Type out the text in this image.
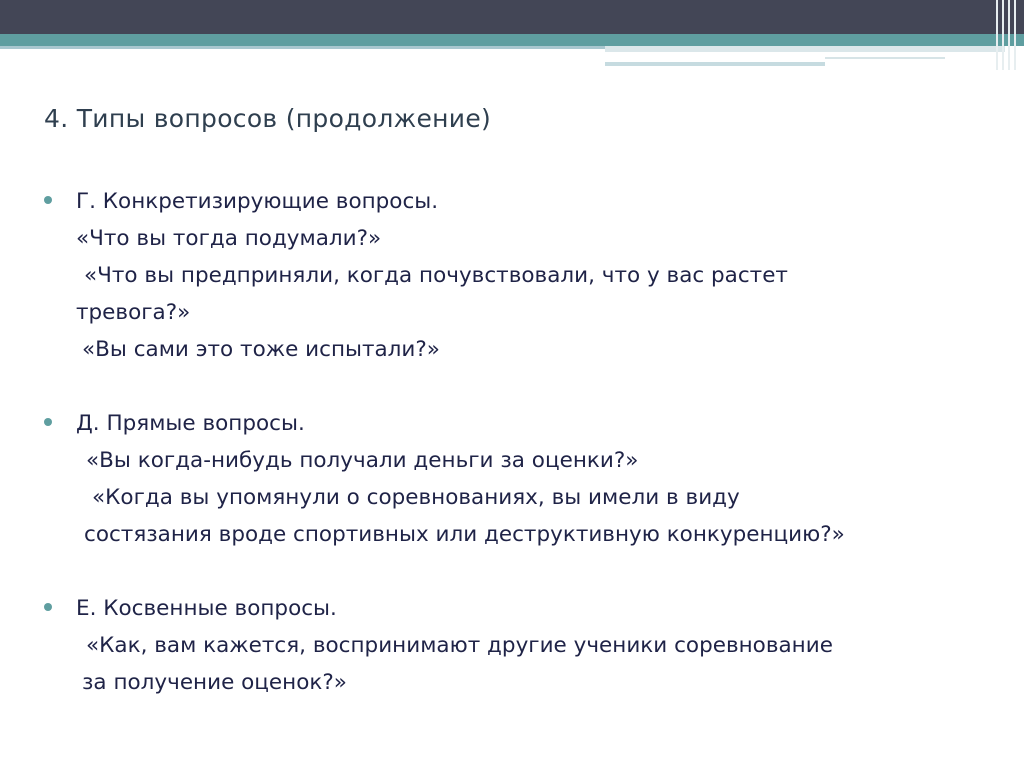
4. Типы вопросов (продолжение)
Г. Конкретизирующие вопросы.
«Что вы тогда подумали?»
«Что вы предприняли, когда почувствовали, что у вас растет
тревога?»
«Вы сами это тоже испытали?»
Д. Прямые вопросы.
«Вы когда-нибудь получали деньги за оценки?»
«Когда вы упомянули о соревнованиях, вы имели в виду
состязания вроде спортивных или деструктивную конкуренцию?»
Е. Косвенные вопросы.
«Как, вам кажется, воспринимают другие ученики соревнование
за получение оценок?»
